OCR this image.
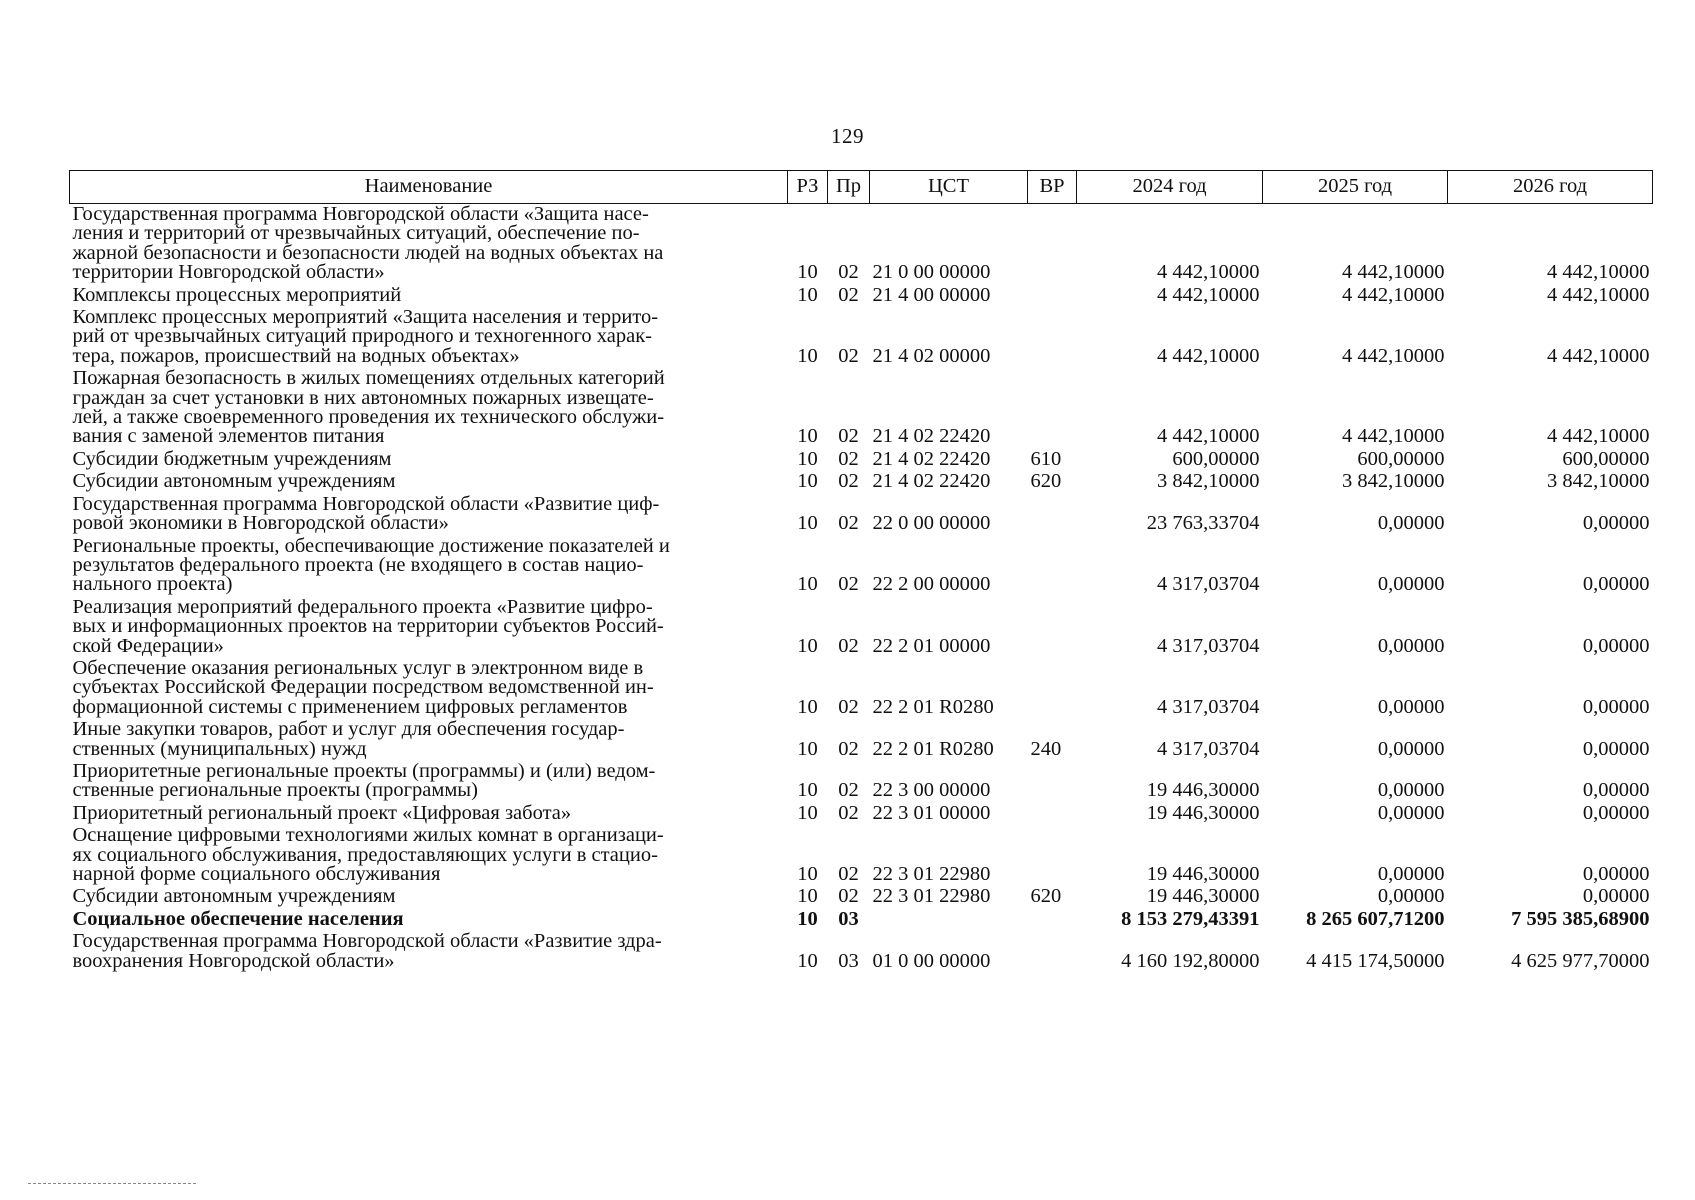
129
Наименование	РЗ	Пр	ЦСТ	ВР	2024 год	2025 год	2026 год

Государственная программа Новгородской области «Защита насе-
ления и территорий от чрезвычайных ситуаций, обеспечение по-
жарной безопасности и безопасности людей на водных объектах на
территории Новгородской области»	10	02	21 0 00 00000		4 442,10000	4 442,10000	4 442,10000

Комплексы процессных мероприятий	10	02	21 4 00 00000		4 442,10000	4 442,10000	4 442,10000

Комплекс процессных мероприятий «Защита населения и террито-
рий от чрезвычайных ситуаций природного и техногенного харак-
тера, пожаров, происшествий на водных объектах»	10	02	21 4 02 00000		4 442,10000	4 442,10000	4 442,10000

Пожарная безопасность в жилых помещениях отдельных категорий
граждан за счет установки в них автономных пожарных извещате-
лей, а также своевременного проведения их технического обслужи-
вания с заменой элементов питания	10	02	21 4 02 22420		4 442,10000	4 442,10000	4 442,10000

Субсидии бюджетным учреждениям	10	02	21 4 02 22420	610	600,00000	600,00000	600,00000

Субсидии автономным учреждениям	10	02	21 4 02 22420	620	3 842,10000	3 842,10000	3 842,10000

Государственная программа Новгородской области «Развитие циф-
ровой экономики в Новгородской области»	10	02	22 0 00 00000		23 763,33704	0,00000	0,00000

Региональные проекты, обеспечивающие достижение показателей и
результатов федерального проекта (не входящего в состав нацио-
нального проекта)	10	02	22 2 00 00000		4 317,03704	0,00000	0,00000

Реализация мероприятий федерального проекта «Развитие цифро-
вых и информационных проектов на территории субъектов Россий-
ской Федерации»	10	02	22 2 01 00000		4 317,03704	0,00000	0,00000

Обеспечение оказания региональных услуг в электронном виде в
субъектах Российской Федерации посредством ведомственной ин-
формационной системы с применением цифровых регламентов	10	02	22 2 01 R0280		4 317,03704	0,00000	0,00000

Иные закупки товаров, работ и услуг для обеспечения государ-
ственных (муниципальных) нужд	10	02	22 2 01 R0280	240	4 317,03704	0,00000	0,00000

Приоритетные региональные проекты (программы) и (или) ведом-
ственные региональные проекты (программы)	10	02	22 3 00 00000		19 446,30000	0,00000	0,00000

Приоритетный региональный проект «Цифровая забота»	10	02	22 3 01 00000		19 446,30000	0,00000	0,00000

Оснащение цифровыми технологиями жилых комнат в организаци-
ях социального обслуживания, предоставляющих услуги в стацио-
нарной форме социального обслуживания	10	02	22 3 01 22980		19 446,30000	0,00000	0,00000

Субсидии автономным учреждениям	10	02	22 3 01 22980	620	19 446,30000	0,00000	0,00000

Социальное обеспечение населения	10	03			8 153 279,43391	8 265 607,71200	7 595 385,68900

Государственная программа Новгородской области «Развитие здра-
воохранения Новгородской области»	10	03	01 0 00 00000		4 160 192,80000	4 415 174,50000	4 625 977,70000
